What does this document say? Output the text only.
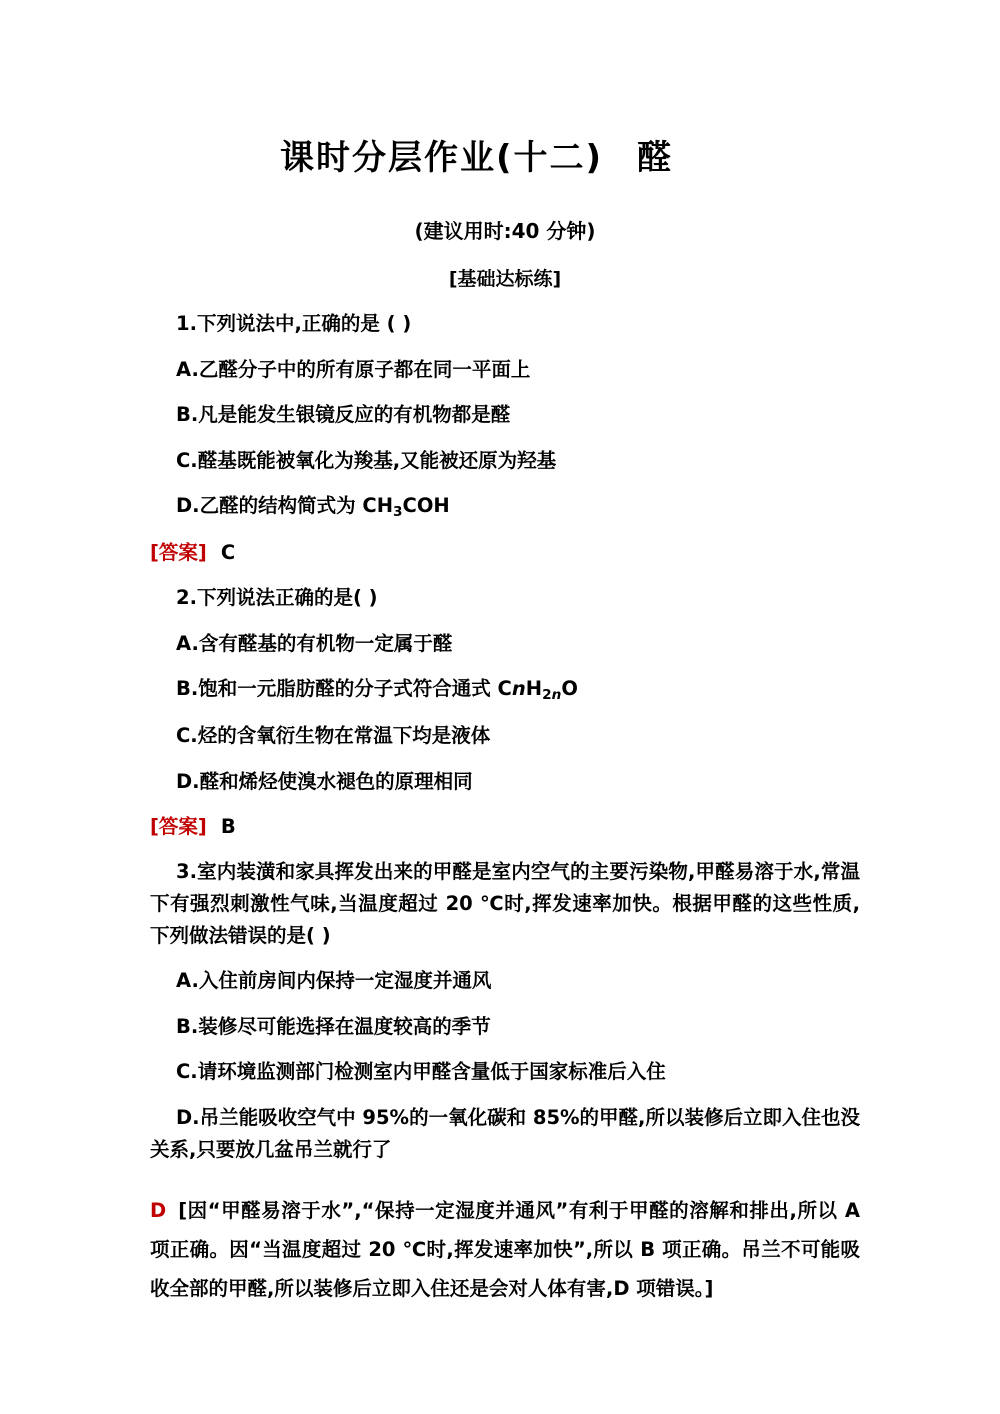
课时分层作业(十二) 醛
(建议用时:40 分钟)
[基础达标练]
1.下列说法中,正确的是 ( )
A.乙醛分子中的所有原子都在同一平面上
B.凡是能发生银镜反应的有机物都是醛
C.醛基既能被氧化为羧基,又能被还原为羟基
D.乙醛的结构简式为 $CH_3COH$
[答案] C
2.下列说法正确的是( )
A.含有醛基的有机物一定属于醛
B.饱和一元脂肪醛的分子式符合通式 CnH$_{2n}$O
C.烃的含氧衍生物在常温下均是液体
D.醛和烯烃使溴水褪色的原理相同
[答案] B
3.室内装潢和家具挥发出来的甲醛是室内空气的主要污染物,甲醛易溶于水,常温下有强烈刺激性气味,当温度超过 20 ℃时,挥发速率加快。根据甲醛的这些性质,下列做法错误的是( )
A.入住前房间内保持一定湿度并通风
B.装修尽可能选择在温度较高的季节
C.请环境监测部门检测室内甲醛含量低于国家标准后入住
D.吊兰能吸收空气中 95%的一氧化碳和 85%的甲醛,所以装修后立即入住也没关系,只要放几盆吊兰就行了
D [因“甲醛易溶于水”,“保持一定湿度并通风”有利于甲醛的溶解和排出,所以 A 项正确。因“当温度超过 20 ℃时,挥发速率加快”,所以 B 项正确。吊兰不可能吸收全部的甲醛,所以装修后立即入住还是会对人体有害,D 项错误。]
